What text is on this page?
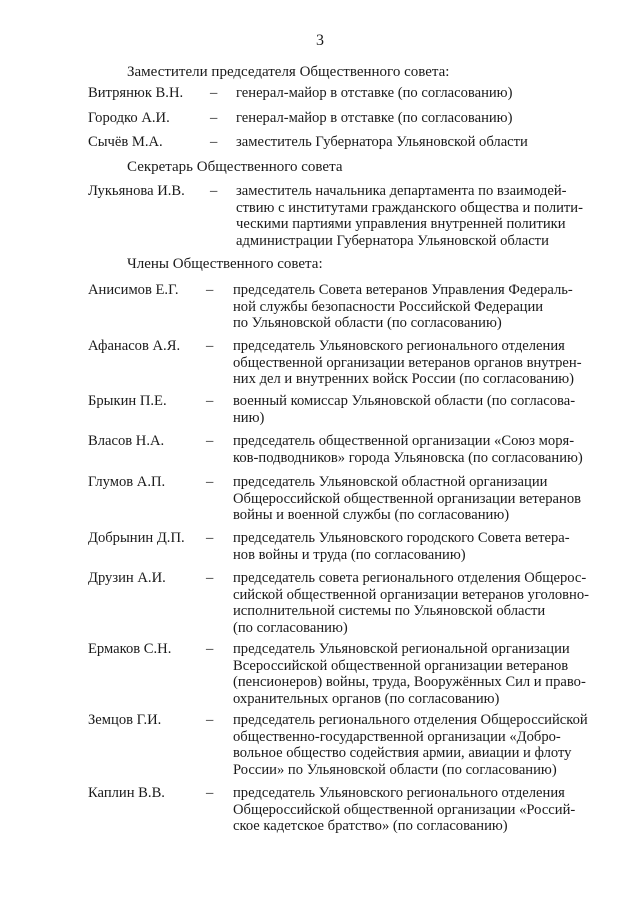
3
Заместители председателя Общественного совета:
Витрянюк В.Н. – генерал-майор в отставке (по согласованию)
Городко А.И.	– генерал-майор в отставке (по согласованию)
Сычёв М.А.	– заместитель Губернатора Ульяновской области
Секретарь Общественного совета
Лукьянова И.В. – заместитель начальника департамента по взаимодей-
ствию с институтами гражданского общества и полити-
ческими партиями управления внутренней политики
администрации Губернатора Ульяновской области
Члены Общественного совета:
Анисимов Е.Г. – председатель Совета ветеранов Управления Федераль-
ной службы безопасности Российской Федерации
по Ульяновской области (по согласованию)
Афанасов А.Я. – председатель Ульяновского регионального отделения
общественной организации ветеранов органов внутрен-
них дел и внутренних войск России (по согласованию)
Брыкин П.Е.	– военный комиссар Ульяновской области (по согласова-
нию)
Власов Н.А.	– председатель общественной организации «Союз моря-
ков-подводников» города Ульяновска (по согласованию)
Глумов А.П.	– председатель Ульяновской областной организации
Общероссийской общественной организации ветеранов
войны и военной службы (по согласованию)
Добрынин Д.П. – председатель Ульяновского городского Совета ветера-
нов войны и труда (по согласованию)
Друзин А.И.	– председатель совета регионального отделения Общерос-
сийской общественной организации ветеранов уголовно-
исполнительной системы по Ульяновской области
(по согласованию)
Ермаков С.Н. – председатель Ульяновской региональной организации
Всероссийской общественной организации ветеранов
(пенсионеров) войны, труда, Вооружённых Сил и право-
охранительных органов (по согласованию)
Земцов Г.И.	– председатель регионального отделения Общероссийской
общественно-государственной организации «Добро-
вольное общество содействия армии, авиации и флоту
России» по Ульяновской области (по согласованию)
Каплин В.В.	– председатель Ульяновского регионального отделения
Общероссийской общественной организации «Россий-
ское кадетское братство» (по согласованию)
